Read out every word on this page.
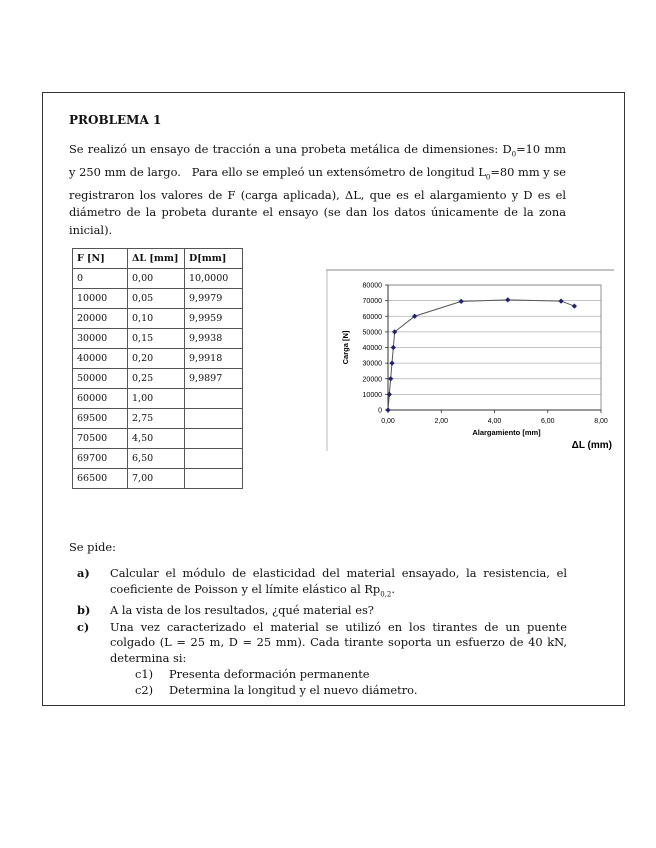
PROBLEMA 1
Se realizó un ensayo de tracción a una probeta metálica de dimensiones: $D_0=10$ mm y 250 mm de largo.   Para ello se empleó un extensómetro de longitud $L_0=80$ mm y se registraron los valores de F (carga aplicada), ΔL, que es el alargamiento y D es el diámetro de la probeta durante el ensayo (se dan los datos únicamente de la zona inicial).
F [N]	ΔL [mm]	D[mm]
0	0,00	10,0000
10000	0,05	9,9979
20000	0,10	9,9959
30000	0,15	9,9938
40000	0,20	9,9918
50000	0,25	9,9897
60000	1,00	
69500	2,75	
70500	4,50	
69700	6,50	
66500	7,00	
0
10000
20000
30000
40000
50000
60000
70000
80000
0,00	2,00	4,00	6,00	8,00
Alargamiento [mm]
Carga [N]
ΔL (mm)
Se pide:
a) Calcular el módulo de elasticidad del material ensayado, la resistencia, el coeficiente de Poisson y el límite elástico al $Rp_{0,2}$.
b) A la vista de los resultados, ¿qué material es?
c) Una vez caracterizado el material se utilizó en los tirantes de un puente colgado (L = 25 m, D = 25 mm). Cada tirante soporta un esfuerzo de 40 kN, determina si:
c1) Presenta deformación permanente
c2) Determina la longitud y el nuevo diámetro.
